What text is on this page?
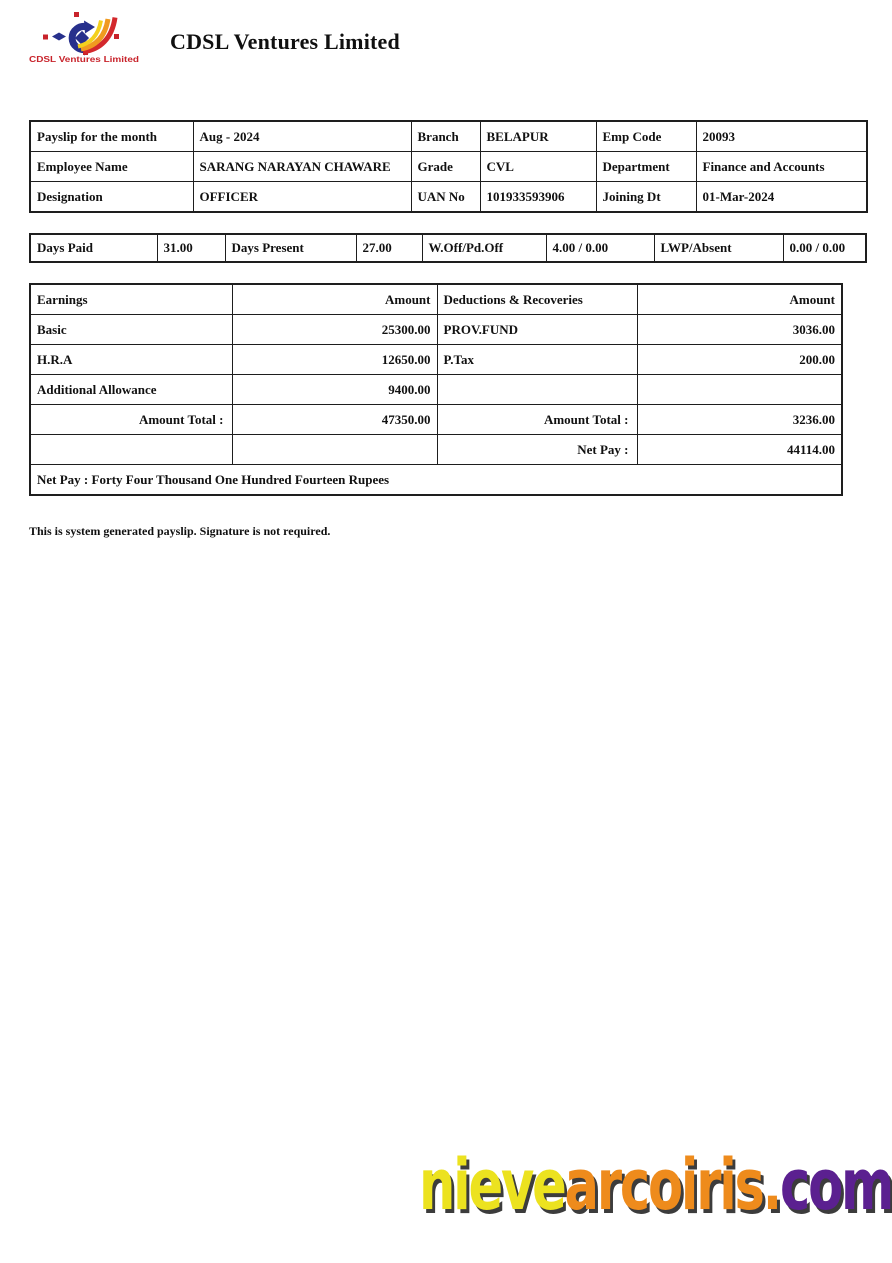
CDSL Ventures Limited
CDSL Ventures Limited
Payslip for the month	Aug - 2024	Branch	BELAPUR	Emp Code	20093
Employee Name	SARANG NARAYAN CHAWARE	Grade	CVL	Department	Finance and Accounts
Designation	OFFICER	UAN No	101933593906	Joining Dt	01-Mar-2024
Days Paid	31.00	Days Present	27.00	W.Off/Pd.Off	4.00 / 0.00	LWP/Absent	0.00 / 0.00
Earnings	Amount	Deductions & Recoveries	Amount
Basic	25300.00	PROV.FUND	3036.00
H.R.A	12650.00	P.Tax	200.00
Additional Allowance	9400.00		
Amount Total :	47350.00	Amount Total :	3236.00
		Net Pay :	44114.00
Net Pay : Forty Four Thousand One Hundred Fourteen Rupees			
This is system generated payslip. Signature is not required.
nievearcoiris.com
